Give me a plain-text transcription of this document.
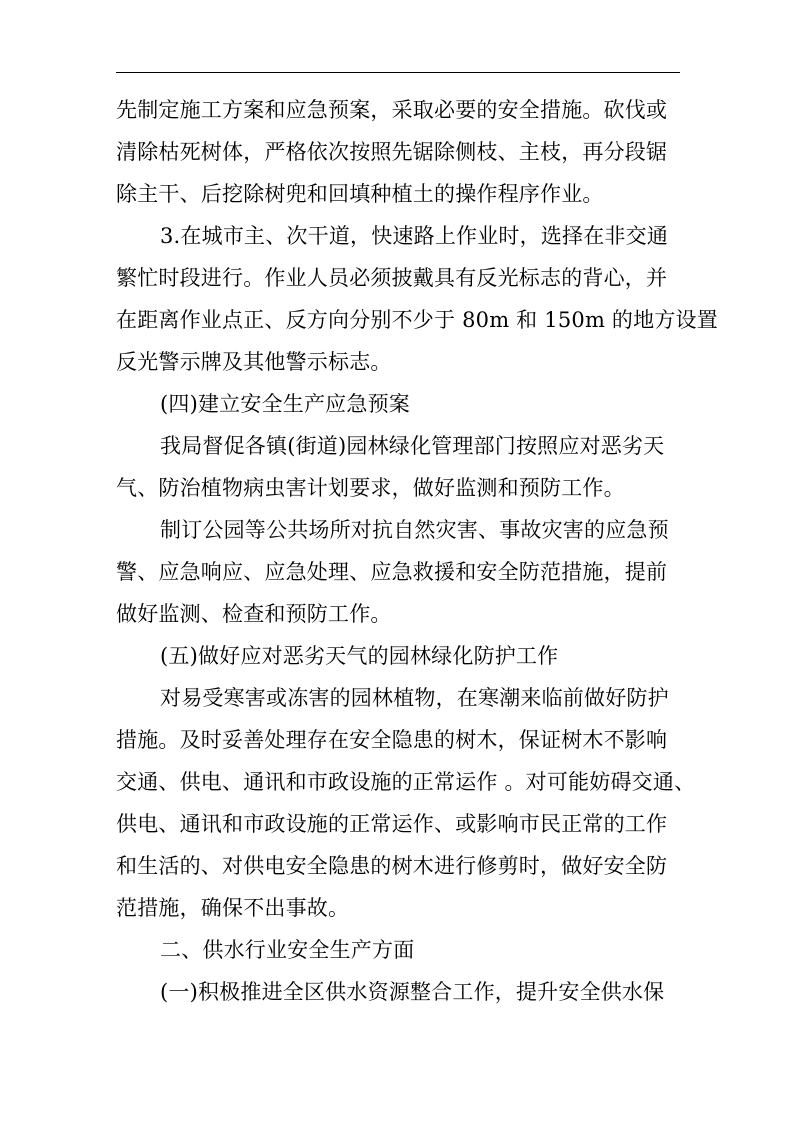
先制定施工方案和应急预案，采取必要的安全措施。砍伐或
清除枯死树体，严格依次按照先锯除侧枝、主枝，再分段锯
除主干、后挖除树兜和回填种植土的操作程序作业。
3.在城市主、次干道，快速路上作业时，选择在非交通
繁忙时段进行。作业人员必须披戴具有反光标志的背心，并
在距离作业点正、反方向分别不少于 80m 和 150m 的地方设置
反光警示牌及其他警示标志。
(四)建立安全生产应急预案
我局督促各镇(街道)园林绿化管理部门按照应对恶劣天
气、防治植物病虫害计划要求，做好监测和预防工作。
制订公园等公共场所对抗自然灾害、事故灾害的应急预
警、应急响应、应急处理、应急救援和安全防范措施，提前
做好监测、检查和预防工作。
(五)做好应对恶劣天气的园林绿化防护工作
对易受寒害或冻害的园林植物，在寒潮来临前做好防护
措施。及时妥善处理存在安全隐患的树木，保证树木不影响
交通、供电、通讯和市政设施的正常运作 。对可能妨碍交通、
供电、通讯和市政设施的正常运作、或影响市民正常的工作
和生活的、对供电安全隐患的树木进行修剪时，做好安全防
范措施，确保不出事故。
二、供水行业安全生产方面
(一)积极推进全区供水资源整合工作，提升安全供水保
